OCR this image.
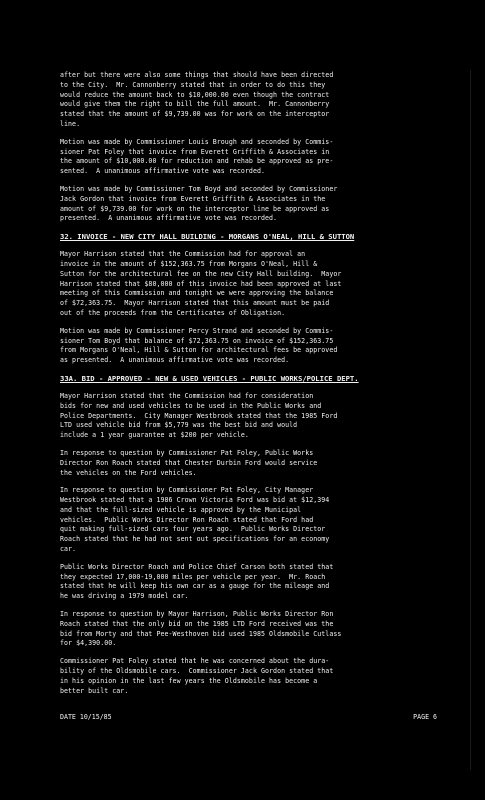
after but there were also some things that should have been directed
to the City.  Mr. Cannonberry stated that in order to do this they
would reduce the amount back to $10,000.00 even though the contract
would give them the right to bill the full amount.  Mr. Cannonberry
stated that the amount of $9,739.00 was for work on the interceptor
line.

Motion was made by Commissioner Louis Brough and seconded by Commis-
sioner Pat Foley that invoice from Everett Griffith & Associates in
the amount of $10,000.00 for reduction and rehab be approved as pre-
sented.  A unanimous affirmative vote was recorded.

Motion was made by Commissioner Tom Boyd and seconded by Commissioner
Jack Gordon that invoice from Everett Griffith & Associates in the
amount of $9,739.00 for work on the interceptor line be approved as
presented.  A unanimous affirmative vote was recorded.

32. INVOICE - NEW CITY HALL BUILDING - MORGANS O'NEAL, HILL & SUTTON

Mayor Harrison stated that the Commission had for approval an
invoice in the amount of $152,363.75 from Morgans O'Neal, Hill &
Sutton for the architectural fee on the new City Hall building.  Mayor
Harrison stated that $80,000 of this invoice had been approved at last
meeting of this Commission and tonight we were approving the balance
of $72,363.75.  Mayor Harrison stated that this amount must be paid
out of the proceeds from the Certificates of Obligation.

Motion was made by Commissioner Percy Strand and seconded by Commis-
sioner Tom Boyd that balance of $72,363.75 on invoice of $152,363.75
from Morgans O'Neal, Hill & Sutton for architectural fees be approved
as presented.  A unanimous affirmative vote was recorded.

33A. BID - APPROVED - NEW & USED VEHICLES - PUBLIC WORKS/POLICE DEPT.

Mayor Harrison stated that the Commission had for consideration
bids for new and used vehicles to be used in the Public Works and
Police Departments.  City Manager Westbrook stated that the 1985 Ford
LTD used vehicle bid from $5,779 was the best bid and would
include a 1 year guarantee at $200 per vehicle.

In response to question by Commissioner Pat Foley, Public Works
Director Ron Roach stated that Chester Durbin Ford would service
the vehicles on the Ford vehicles.

In response to question by Commissioner Pat Foley, City Manager
Westbrook stated that a 1986 Crown Victoria Ford was bid at $12,394
and that the full-sized vehicle is approved by the Municipal
vehicles.  Public Works Director Ron Roach stated that Ford had
quit making full-sized cars four years ago.  Public Works Director
Roach stated that he had not sent out specifications for an economy
car.

Public Works Director Roach and Police Chief Carson both stated that
they expected 17,000-19,000 miles per vehicle per year.  Mr. Roach
stated that he will keep his own car as a gauge for the mileage and
he was driving a 1979 model car.

In response to question by Mayor Harrison, Public Works Director Ron
Roach stated that the only bid on the 1985 LTD Ford received was the
bid from Morty and that Pee-Westhoven bid used 1985 Oldsmobile Cutlass
for $4,390.00.

Commissioner Pat Foley stated that he was concerned about the dura-
bility of the Oldsmobile cars.  Commissioner Jack Gordon stated that
in his opinion in the last few years the Oldsmobile has become a
better built car.

DATE 10/15/85	PAGE 6
